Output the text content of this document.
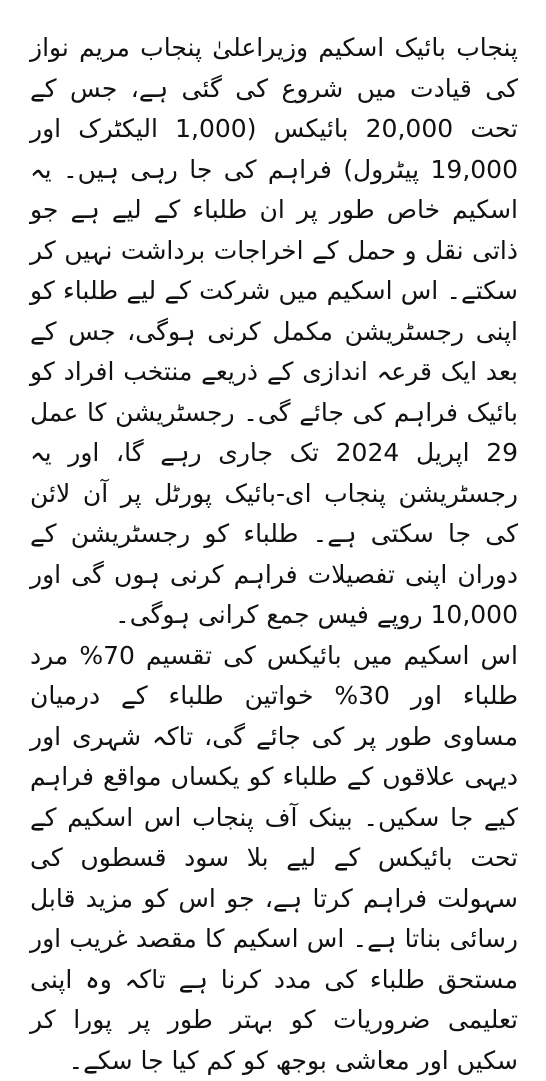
پنجاب بائیک اسکیم وزیراعلیٰ پنجاب مریم نواز کی قیادت میں شروع کی گئی ہے، جس کے تحت 20,000 بائیکس (1,000 الیکٹرک اور 19,000 پیٹرول) فراہم کی جا رہی ہیں۔ یہ اسکیم خاص طور پر ان طلباء کے لیے ہے جو ذاتی نقل و حمل کے اخراجات برداشت نہیں کر سکتے۔ اس اسکیم میں شرکت کے لیے طلباء کو اپنی رجسٹریشن مکمل کرنی ہوگی، جس کے بعد ایک قرعہ اندازی کے ذریعے منتخب افراد کو بائیک فراہم کی جائے گی۔ رجسٹریشن کا عمل 29 اپریل 2024 تک جاری رہے گا، اور یہ رجسٹریشن پنجاب ای-بائیک پورٹل پر آن لائن کی جا سکتی ہے۔ طلباء کو رجسٹریشن کے دوران اپنی تفصیلات فراہم کرنی ہوں گی اور 10,000 روپے فیس جمع کرانی ہوگی۔

اس اسکیم میں بائیکس کی تقسیم 70% مرد طلباء اور 30% خواتین طلباء کے درمیان مساوی طور پر کی جائے گی، تاکہ شہری اور دیہی علاقوں کے طلباء کو یکساں مواقع فراہم کیے جا سکیں۔ بینک آف پنجاب اس اسکیم کے تحت بائیکس کے لیے بلا سود قسطوں کی سہولت فراہم کرتا ہے، جو اس کو مزید قابل رسائی بناتا ہے۔ اس اسکیم کا مقصد غریب اور مستحق طلباء کی مدد کرنا ہے تاکہ وہ اپنی تعلیمی ضروریات کو بہتر طور پر پورا کر سکیں اور معاشی بوجھ کو کم کیا جا سکے۔
